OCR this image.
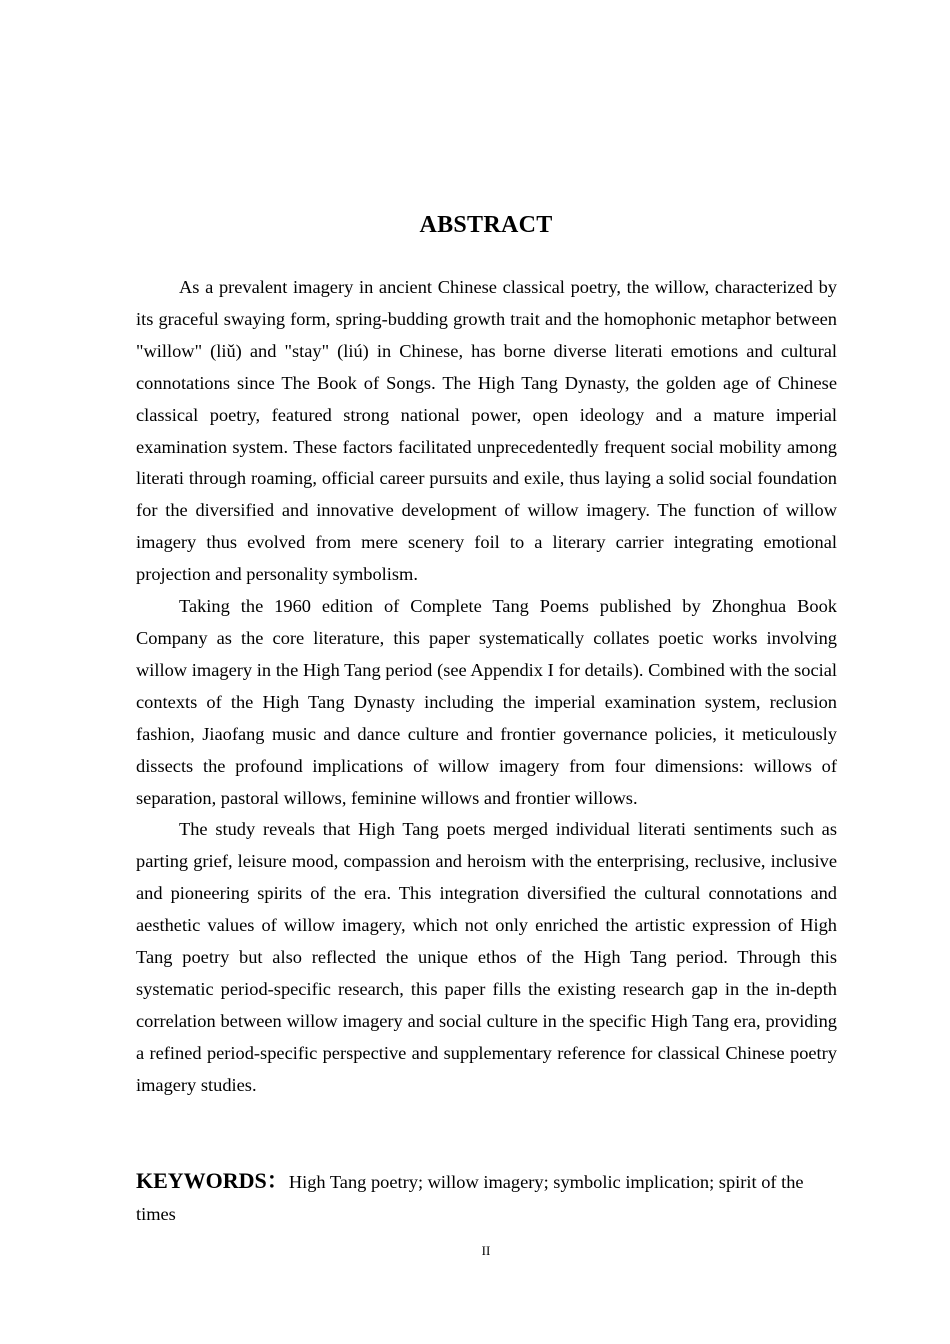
ABSTRACT

As a prevalent imagery in ancient Chinese classical poetry, the willow, characterized by its graceful swaying form, spring-budding growth trait and the homophonic metaphor between "willow" (liǔ) and "stay" (liú) in Chinese, has borne diverse literati emotions and cultural connotations since The Book of Songs. The High Tang Dynasty, the golden age of Chinese classical poetry, featured strong national power, open ideology and a mature imperial examination system. These factors facilitated unprecedentedly frequent social mobility among literati through roaming, official career pursuits and exile, thus laying a solid social foundation for the diversified and innovative development of willow imagery. The function of willow imagery thus evolved from mere scenery foil to a literary carrier integrating emotional projection and personality symbolism.

Taking the 1960 edition of Complete Tang Poems published by Zhonghua Book Company as the core literature, this paper systematically collates poetic works involving willow imagery in the High Tang period (see Appendix I for details). Combined with the social contexts of the High Tang Dynasty including the imperial examination system, reclusion fashion, Jiaofang music and dance culture and frontier governance policies, it meticulously dissects the profound implications of willow imagery from four dimensions: willows of separation, pastoral willows, feminine willows and frontier willows.

The study reveals that High Tang poets merged individual literati sentiments such as parting grief, leisure mood, compassion and heroism with the enterprising, reclusive, inclusive and pioneering spirits of the era. This integration diversified the cultural connotations and aesthetic values of willow imagery, which not only enriched the artistic expression of High Tang poetry but also reflected the unique ethos of the High Tang period. Through this systematic period-specific research, this paper fills the existing research gap in the in-depth correlation between willow imagery and social culture in the specific High Tang era, providing a refined period-specific perspective and supplementary reference for classical Chinese poetry imagery studies.

KEYWORDS：High Tang poetry; willow imagery; symbolic implication; spirit of the times
II
